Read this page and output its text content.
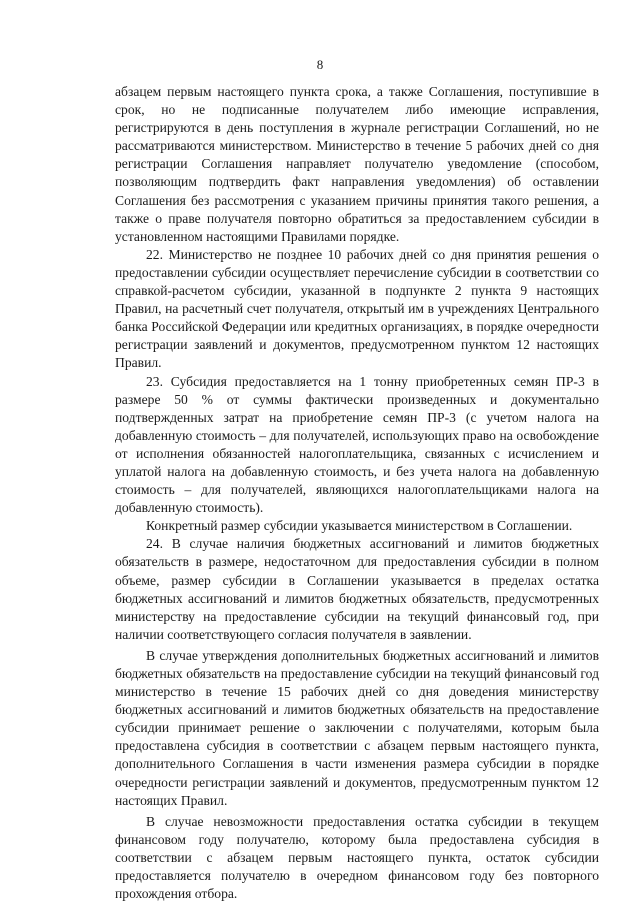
8

абзацем первым настоящего пункта срока, а также Соглашения, поступившие в срок, но не подписанные получателем либо имеющие исправления, регистрируются в день поступления в журнале регистрации Соглашений, но не рассматриваются министерством. Министерство в течение 5 рабочих дней со дня регистрации Соглашения направляет получателю уведомление (способом, позволяющим подтвердить факт направления уведомления) об оставлении Соглашения без рассмотрения с указанием причины принятия такого решения, а также о праве получателя повторно обратиться за предоставлением субсидии в установленном настоящими Правилами порядке.

22. Министерство не позднее 10 рабочих дней со дня принятия решения о предоставлении субсидии осуществляет перечисление субсидии в соответствии со справкой-расчетом субсидии, указанной в подпункте 2 пункта 9 настоящих Правил, на расчетный счет получателя, открытый им в учреждениях Центрального банка Российской Федерации или кредитных организациях, в порядке очередности регистрации заявлений и документов, предусмотренном пунктом 12 настоящих Правил.

23. Субсидия предоставляется на 1 тонну приобретенных семян ПР-3 в размере 50 % от суммы фактически произведенных и документально подтвержденных затрат на приобретение семян ПР-3 (с учетом налога на добавленную стоимость – для получателей, использующих право на освобождение от исполнения обязанностей налогоплательщика, связанных с исчислением и уплатой налога на добавленную стоимость, и без учета налога на добавленную стоимость – для получателей, являющихся налогоплательщиками налога на добавленную стоимость).

Конкретный размер субсидии указывается министерством в Соглашении.

24. В случае наличия бюджетных ассигнований и лимитов бюджетных обязательств в размере, недостаточном для предоставления субсидии в полном объеме, размер субсидии в Соглашении указывается в пределах остатка бюджетных ассигнований и лимитов бюджетных обязательств, предусмотренных министерству на предоставление субсидии на текущий финансовый год, при наличии соответствующего согласия получателя в заявлении.

В случае утверждения дополнительных бюджетных ассигнований и лимитов бюджетных обязательств на предоставление субсидии на текущий финансовый год министерство в течение 15 рабочих дней со дня доведения министерству бюджетных ассигнований и лимитов бюджетных обязательств на предоставление субсидии принимает решение о заключении с получателями, которым была предоставлена субсидия в соответствии с абзацем первым настоящего пункта, дополнительного Соглашения в части изменения размера субсидии в порядке очередности регистрации заявлений и документов, предусмотренным пунктом 12 настоящих Правил.

В случае невозможности предоставления остатка субсидии в текущем финансовом году получателю, которому была предоставлена субсидия в соответствии с абзацем первым настоящего пункта, остаток субсидии предоставляется получателю в очередном финансовом году без повторного прохождения отбора.
